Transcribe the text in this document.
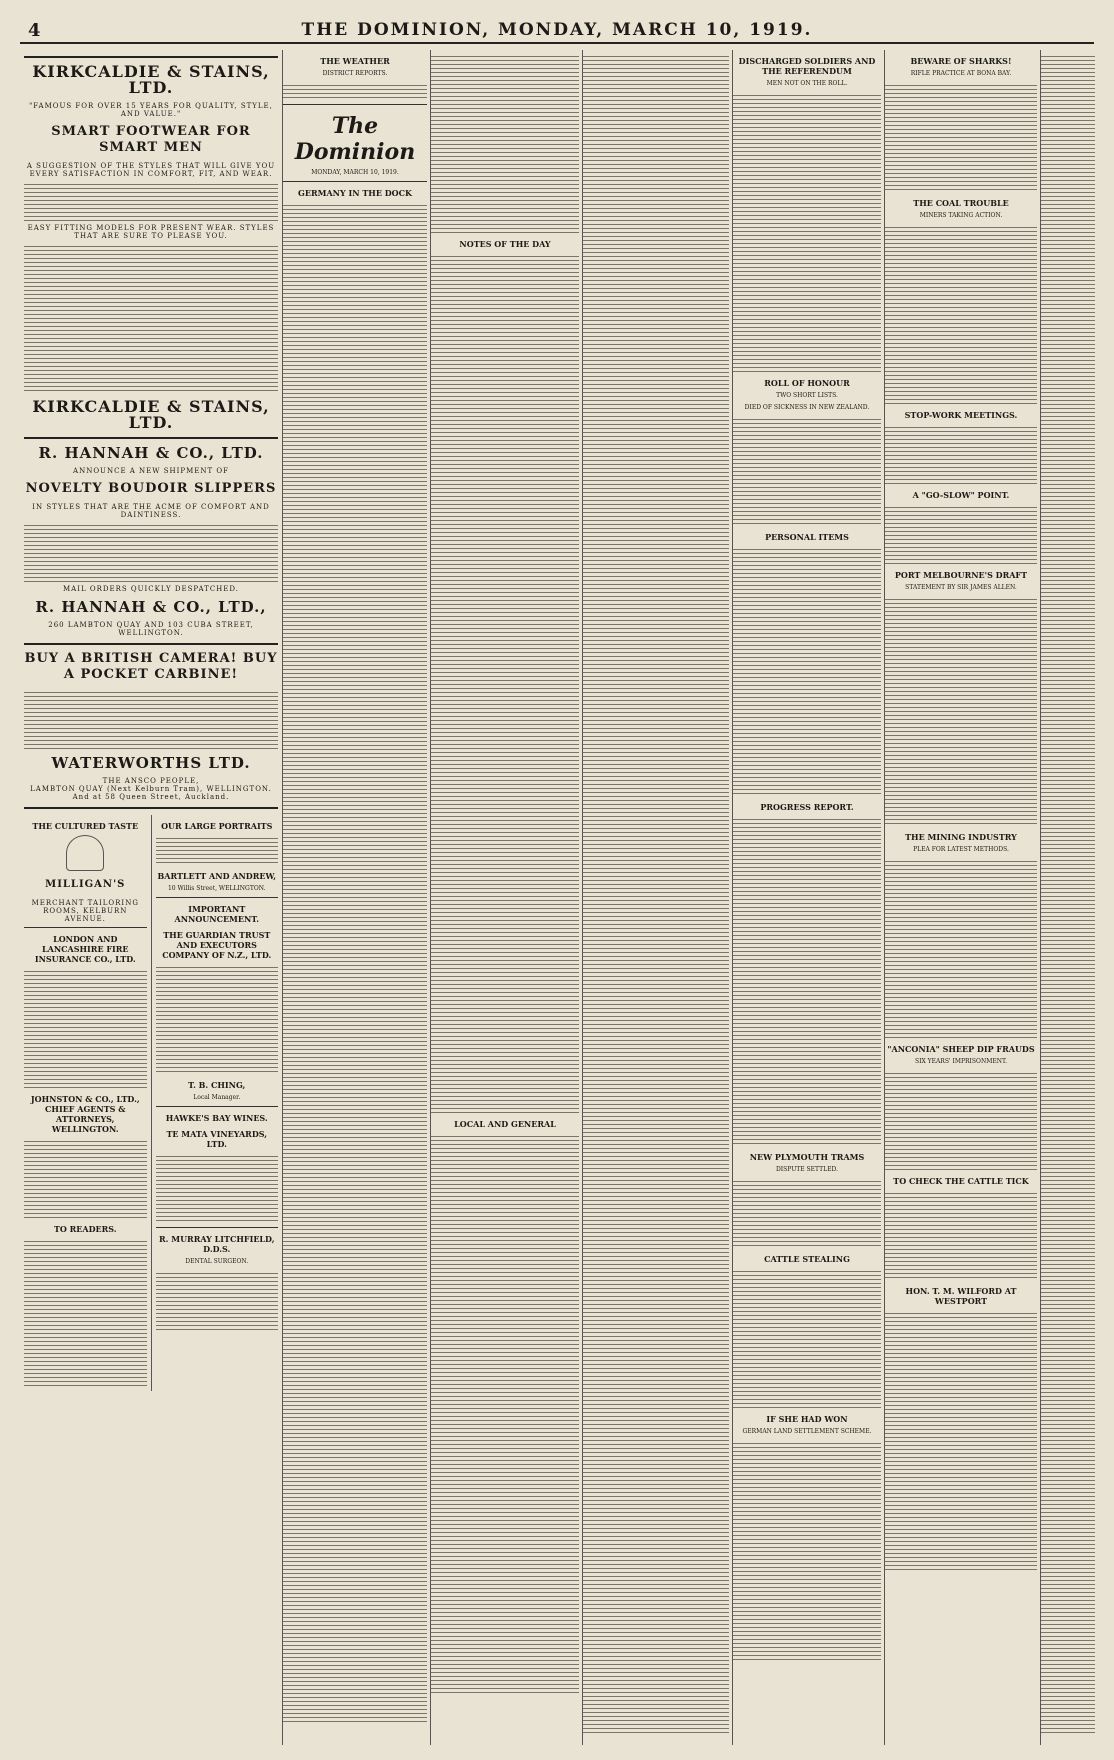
4	THE DOMINION, MONDAY, MARCH 10, 1919.
KIRKCALDIE & STAINS, LTD.
"FAMOUS FOR OVER 15 YEARS FOR QUALITY, STYLE, AND VALUE."
SMART FOOTWEAR FOR SMART MEN
A SUGGESTION OF THE STYLES THAT WILL GIVE YOU EVERY SATISFACTION IN COMFORT, FIT, AND WEAR.
EASY FITTING MODELS FOR PRESENT WEAR. STYLES THAT ARE SURE TO PLEASE YOU.
KIRKCALDIE & STAINS, LTD.
R. HANNAH & CO., LTD.
ANNOUNCE A NEW SHIPMENT OF
NOVELTY BOUDOIR SLIPPERS
IN STYLES THAT ARE THE ACME OF COMFORT AND DAINTINESS.
MAIL ORDERS QUICKLY DESPATCHED.
R. HANNAH & CO., LTD.,
260 LAMBTON QUAY AND 103 CUBA STREET, WELLINGTON.
BUY A BRITISH CAMERA! BUY A POCKET CARBINE!
WATERWORTHS LTD.
THE ANSCO PEOPLE,
LAMBTON QUAY (Next Kelburn Tram), WELLINGTON. And at 58 Queen Street, Auckland.
THE CULTURED TASTE
MILLIGAN'S
MERCHANT TAILORING ROOMS, KELBURN AVENUE.
LONDON AND LANCASHIRE FIRE INSURANCE CO., LTD.
JOHNSTON & CO., LTD., CHIEF AGENTS & ATTORNEYS, WELLINGTON.
TO READERS.
OUR LARGE PORTRAITS
BARTLETT AND ANDREW,
10 Willis Street, WELLINGTON.
IMPORTANT ANNOUNCEMENT.
THE GUARDIAN TRUST AND EXECUTORS COMPANY OF N.Z., LTD.
T. B. CHING,
Local Manager.
HAWKE'S BAY WINES.
TE MATA VINEYARDS, LTD.
R. MURRAY LITCHFIELD, D.D.S.
DENTAL SURGEON.
THE WEATHER
DISTRICT REPORTS.
The Dominion
MONDAY, MARCH 10, 1919.
GERMANY IN THE DOCK
NOTES OF THE DAY
LOCAL AND GENERAL
DISCHARGED SOLDIERS AND THE REFERENDUM
MEN NOT ON THE ROLL.
ROLL OF HONOUR
TWO SHORT LISTS.
DIED OF SICKNESS IN NEW ZEALAND.
PERSONAL ITEMS
PROGRESS REPORT.
NEW PLYMOUTH TRAMS
DISPUTE SETTLED.
CATTLE STEALING
IF SHE HAD WON
GERMAN LAND SETTLEMENT SCHEME.
BEWARE OF SHARKS!
RIFLE PRACTICE AT BONA BAY.
THE COAL TROUBLE
MINERS TAKING ACTION.
STOP-WORK MEETINGS.
A "GO-SLOW" POINT.
PORT MELBOURNE'S DRAFT
STATEMENT BY SIR JAMES ALLEN.
THE MINING INDUSTRY
PLEA FOR LATEST METHODS.
"ANCONIA" SHEEP DIP FRAUDS
SIX YEARS' IMPRISONMENT.
TO CHECK THE CATTLE TICK
HON. T. M. WILFORD AT WESTPORT
